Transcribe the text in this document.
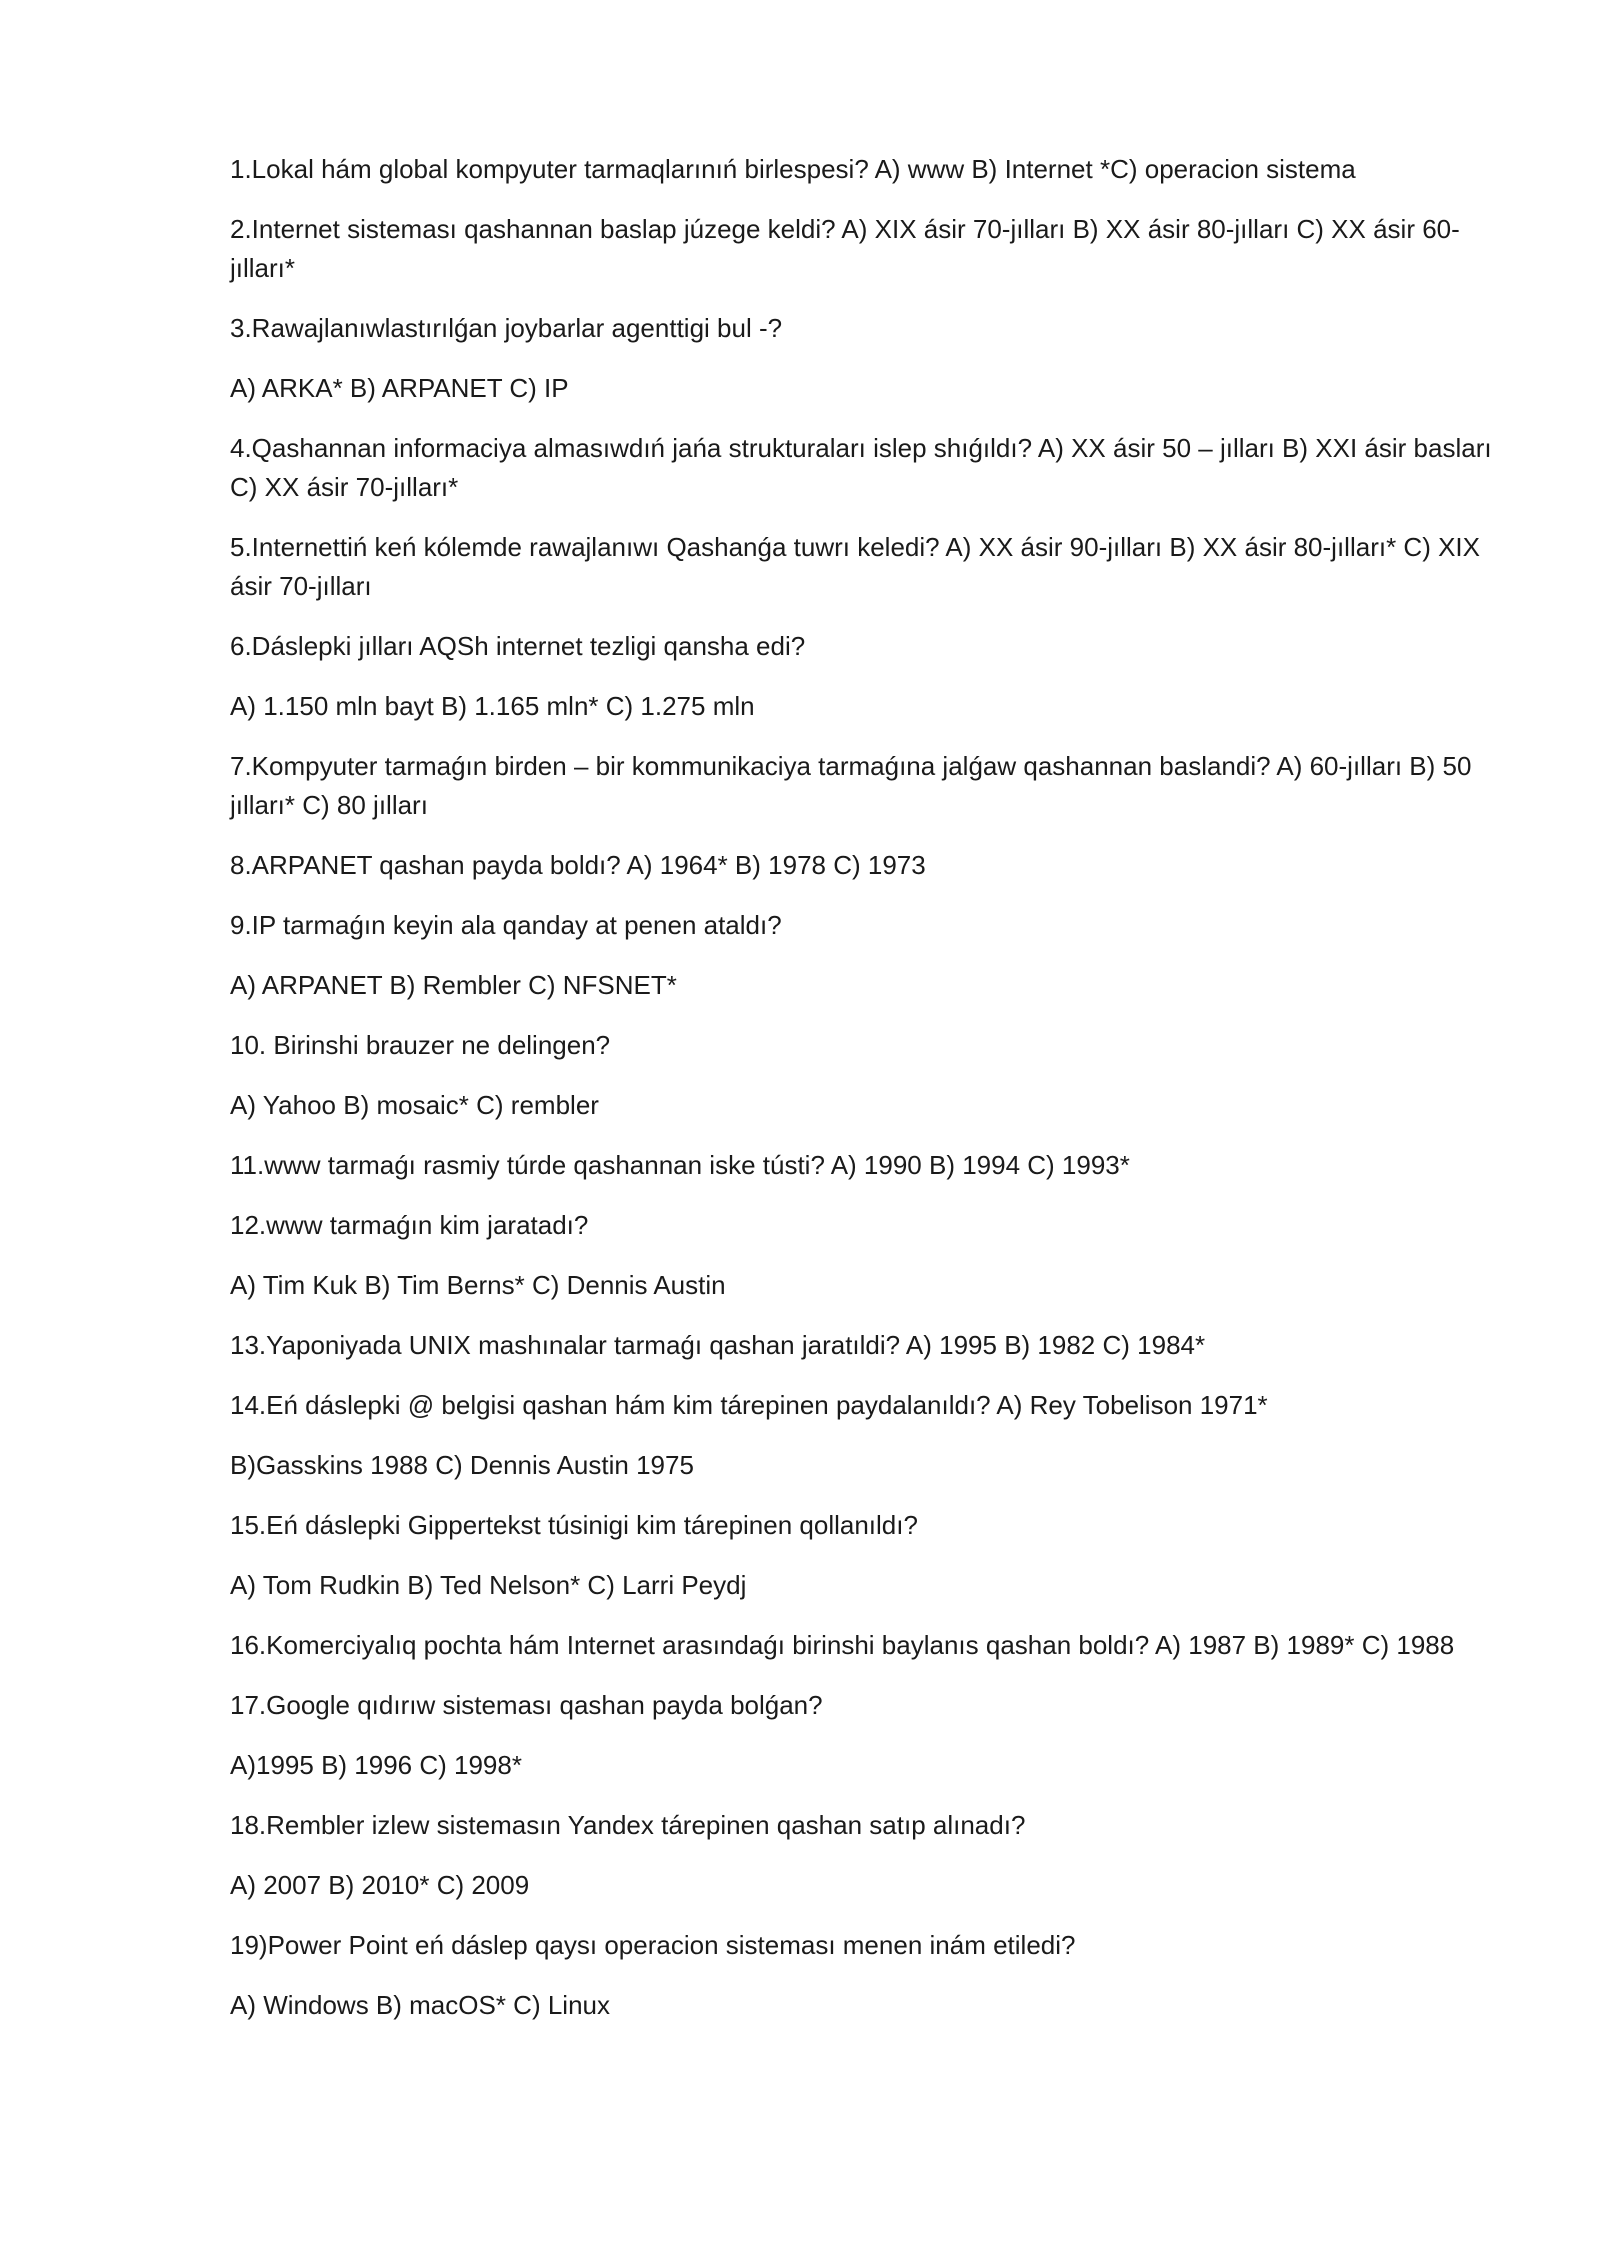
1.Lokal hám global kompyuter tarmaqlarınıń birlespesi? A) www B) Internet *C) operacion sistema

2.Internet sisteması qashannan baslap júzege keldi? A) XIX ásir 70-jılları B) XX ásir 80-jılları C) XX ásir 60-jılları*

3.Rawajlanıwlastırılǵan joybarlar agenttigi bul -?

A) ARKA* B) ARPANET C) IP

4.Qashannan informaciya almasıwdıń jańa strukturaları islep shıǵıldı? A) XX ásir 50 – jılları B) XXI ásir basları C) XX ásir 70-jılları*

5.Internettiń keń kólemde rawajlanıwı Qashanǵa tuwrı keledi? A) XX ásir 90-jılları B) XX ásir 80-jılları* C) XIX ásir 70-jılları

6.Dáslepki jılları AQSh internet tezligi qansha edi?

A) 1.150 mln bayt B) 1.165 mln* C) 1.275 mln

7.Kompyuter tarmaǵın birden – bir kommunikaciya tarmaǵına jalǵaw qashannan baslandi? A) 60-jılları B) 50 jılları* C) 80 jılları

8.ARPANET qashan payda boldı? A) 1964* B) 1978 C) 1973

9.IP tarmaǵın keyin ala qanday at penen ataldı?

A) ARPANET B) Rembler C) NFSNET*

10. Birinshi brauzer ne delingen?

A) Yahoo B) mosaic* C) rembler

11.www tarmaǵı rasmiy túrde qashannan iske tústi? A) 1990 B) 1994 C) 1993*

12.www tarmaǵın kim jaratadı?

A) Tim Kuk B) Tim Berns* C) Dennis Austin

13.Yaponiyada UNIX mashınalar tarmaǵı qashan jaratıldi? A) 1995 B) 1982 C) 1984*

14.Eń dáslepki @ belgisi qashan hám kim tárepinen paydalanıldı? A) Rey Tobelison 1971*

B)Gasskins 1988 C) Dennis Austin 1975

15.Eń dáslepki Gippertekst túsinigi kim tárepinen qollanıldı?

A) Tom Rudkin B) Ted Nelson* C) Larri Peydj

16.Komerciyalıq pochta hám Internet arasındaǵı birinshi baylanıs qashan boldı? A) 1987 B) 1989* C) 1988

17.Google qıdırıw sisteması qashan payda bolǵan?

A)1995 B) 1996 C) 1998*

18.Rembler izlew sistemasın Yandex tárepinen qashan satıp alınadı?

A) 2007 B) 2010* C) 2009

19)Power Point eń dáslep qaysı operacion sisteması menen inám etiledi?

A) Windows B) macOS* C) Linux
